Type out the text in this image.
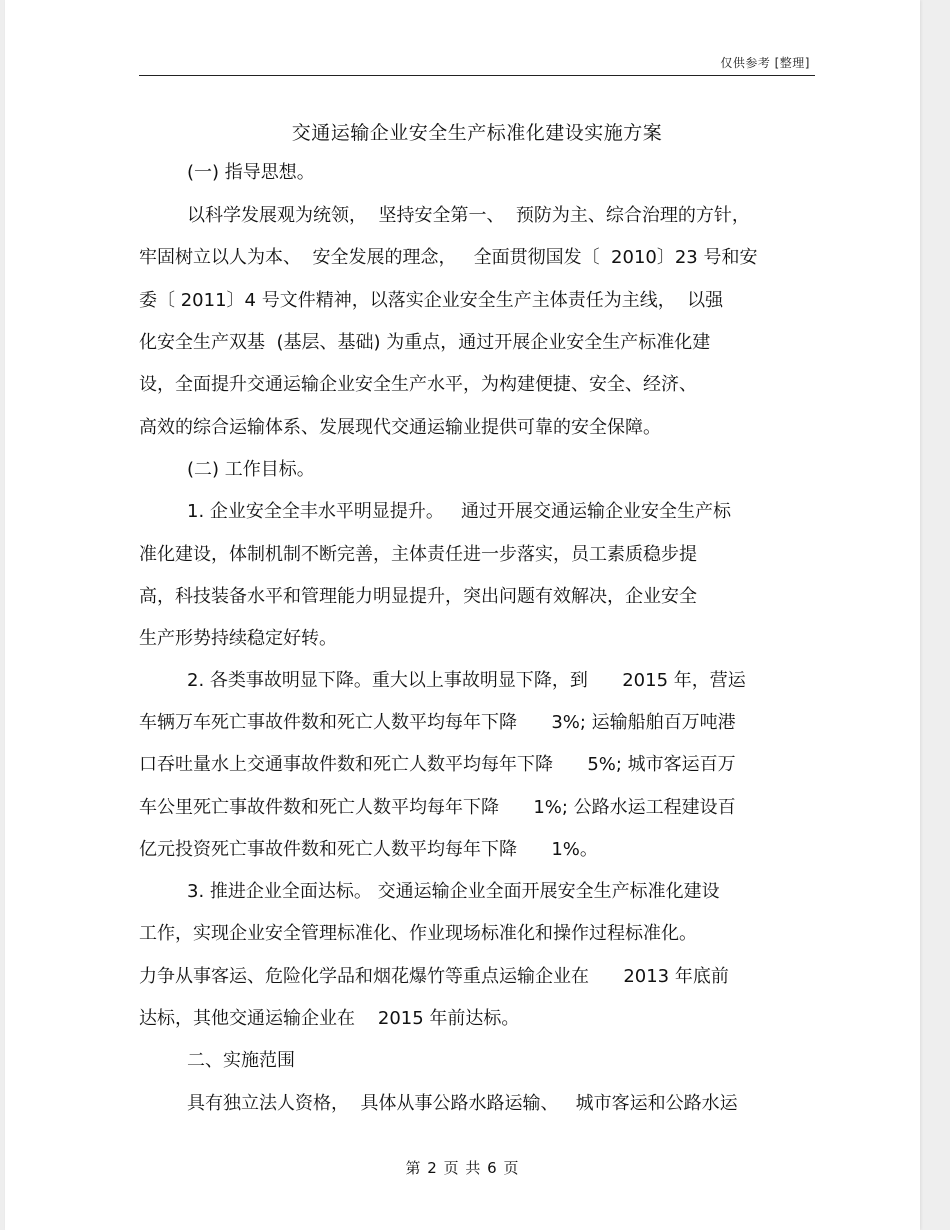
仅供参考 [整理]
交通运输企业安全生产标准化建设实施方案
(一) 指导思想。
以科学发展观为统领，  坚持安全第一、  预防为主、综合治理的方针，
牢固树立以人为本、  安全发展的理念，   全面贯彻国发〔  2010〕23 号和安
委〔 2011〕4 号文件精神，以落实企业安全生产主体责任为主线，  以强
化安全生产双基  (基层、基础) 为重点，通过开展企业安全生产标准化建
设，全面提升交通运输企业安全生产水平，为构建便捷、安全、经济、
高效的综合运输体系、发展现代交通运输业提供可靠的安全保障。
(二) 工作目标。
1. 企业安全全丰水平明显提升。   通过开展交通运输企业安全生产标
准化建设，体制机制不断完善，主体责任进一步落实，员工素质稳步提
高，科技装备水平和管理能力明显提升，突出问题有效解决，企业安全
生产形势持续稳定好转。
2. 各类事故明显下降。重大以上事故明显下降，到      2015 年，营运
车辆万车死亡事故件数和死亡人数平均每年下降      3%; 运输船舶百万吨港
口吞吐量水上交通事故件数和死亡人数平均每年下降      5%; 城市客运百万
车公里死亡事故件数和死亡人数平均每年下降      1%; 公路水运工程建设百
亿元投资死亡事故件数和死亡人数平均每年下降      1%。
3. 推进企业全面达标。 交通运输企业全面开展安全生产标准化建设
工作，实现企业安全管理标准化、作业现场标准化和操作过程标准化。
力争从事客运、危险化学品和烟花爆竹等重点运输企业在      2013 年底前
达标，其他交通运输企业在    2015 年前达标。
二、实施范围
具有独立法人资格，  具体从事公路水路运输、   城市客运和公路水运
第 2 页 共 6 页
